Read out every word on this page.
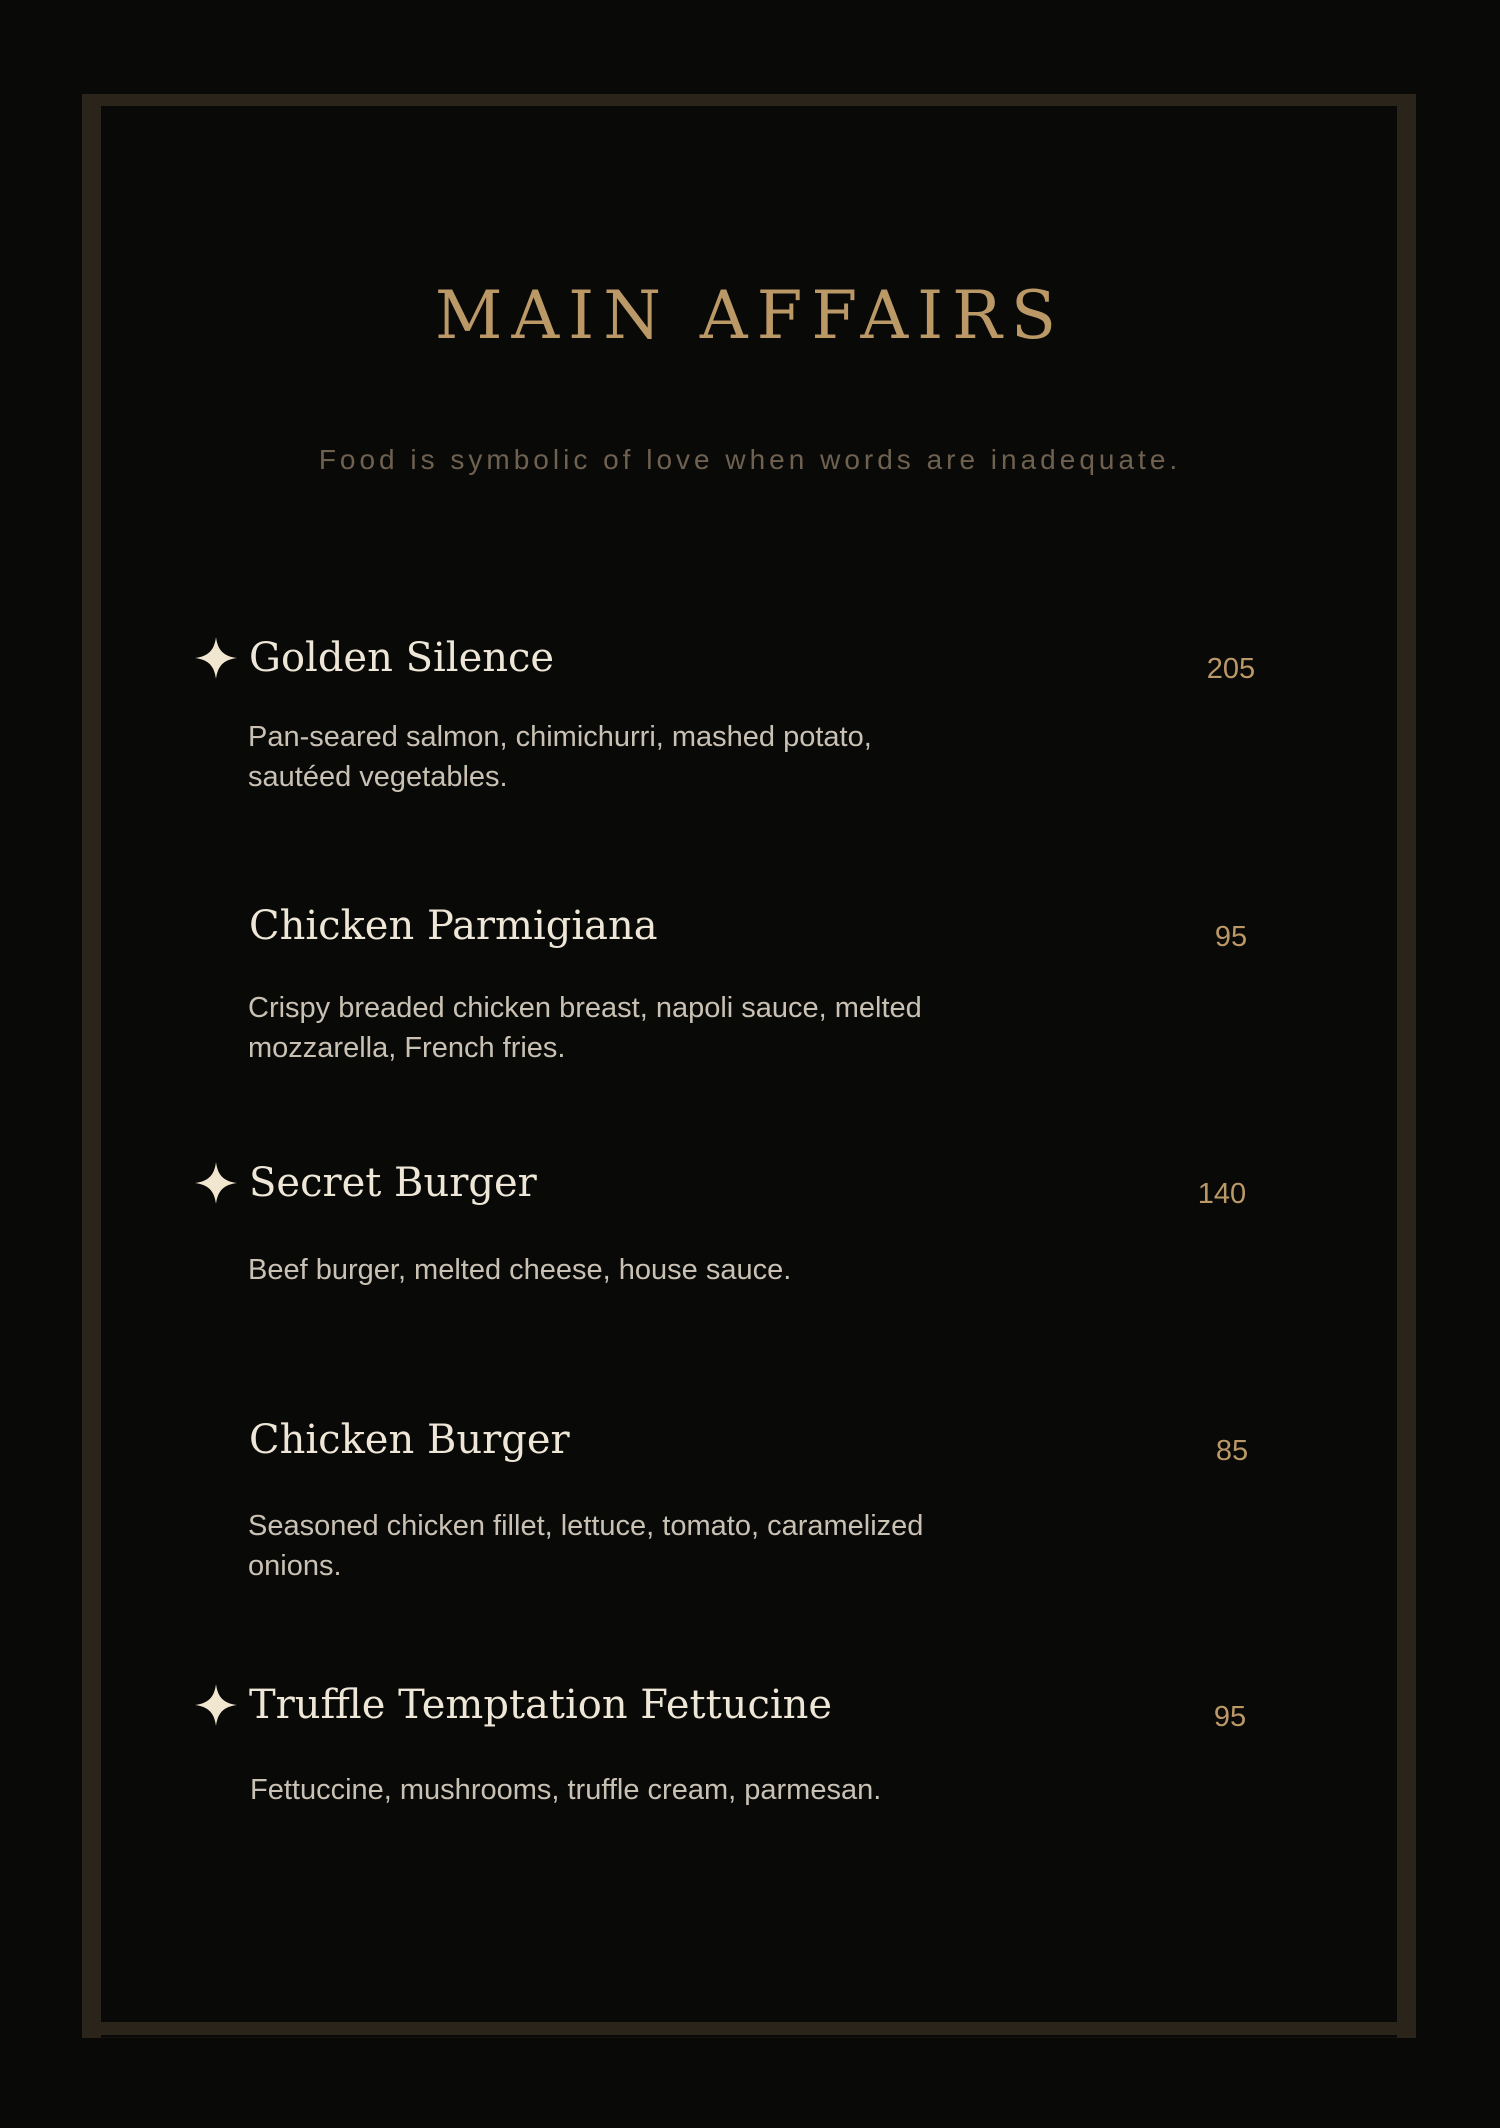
MAIN AFFAIRS
Food is symbolic of love when words are inadequate.
Golden Silence	205
Pan-seared salmon, chimichurri, mashed potato, sautéed vegetables.
Chicken Parmigiana	95
Crispy breaded chicken breast, napoli sauce, melted mozzarella, French fries.
Secret Burger	140
Beef burger, melted cheese, house sauce.
Chicken Burger	85
Seasoned chicken fillet, lettuce, tomato, caramelized onions.
Truffle Temptation Fettucine	95
Fettuccine, mushrooms, truffle cream, parmesan.
